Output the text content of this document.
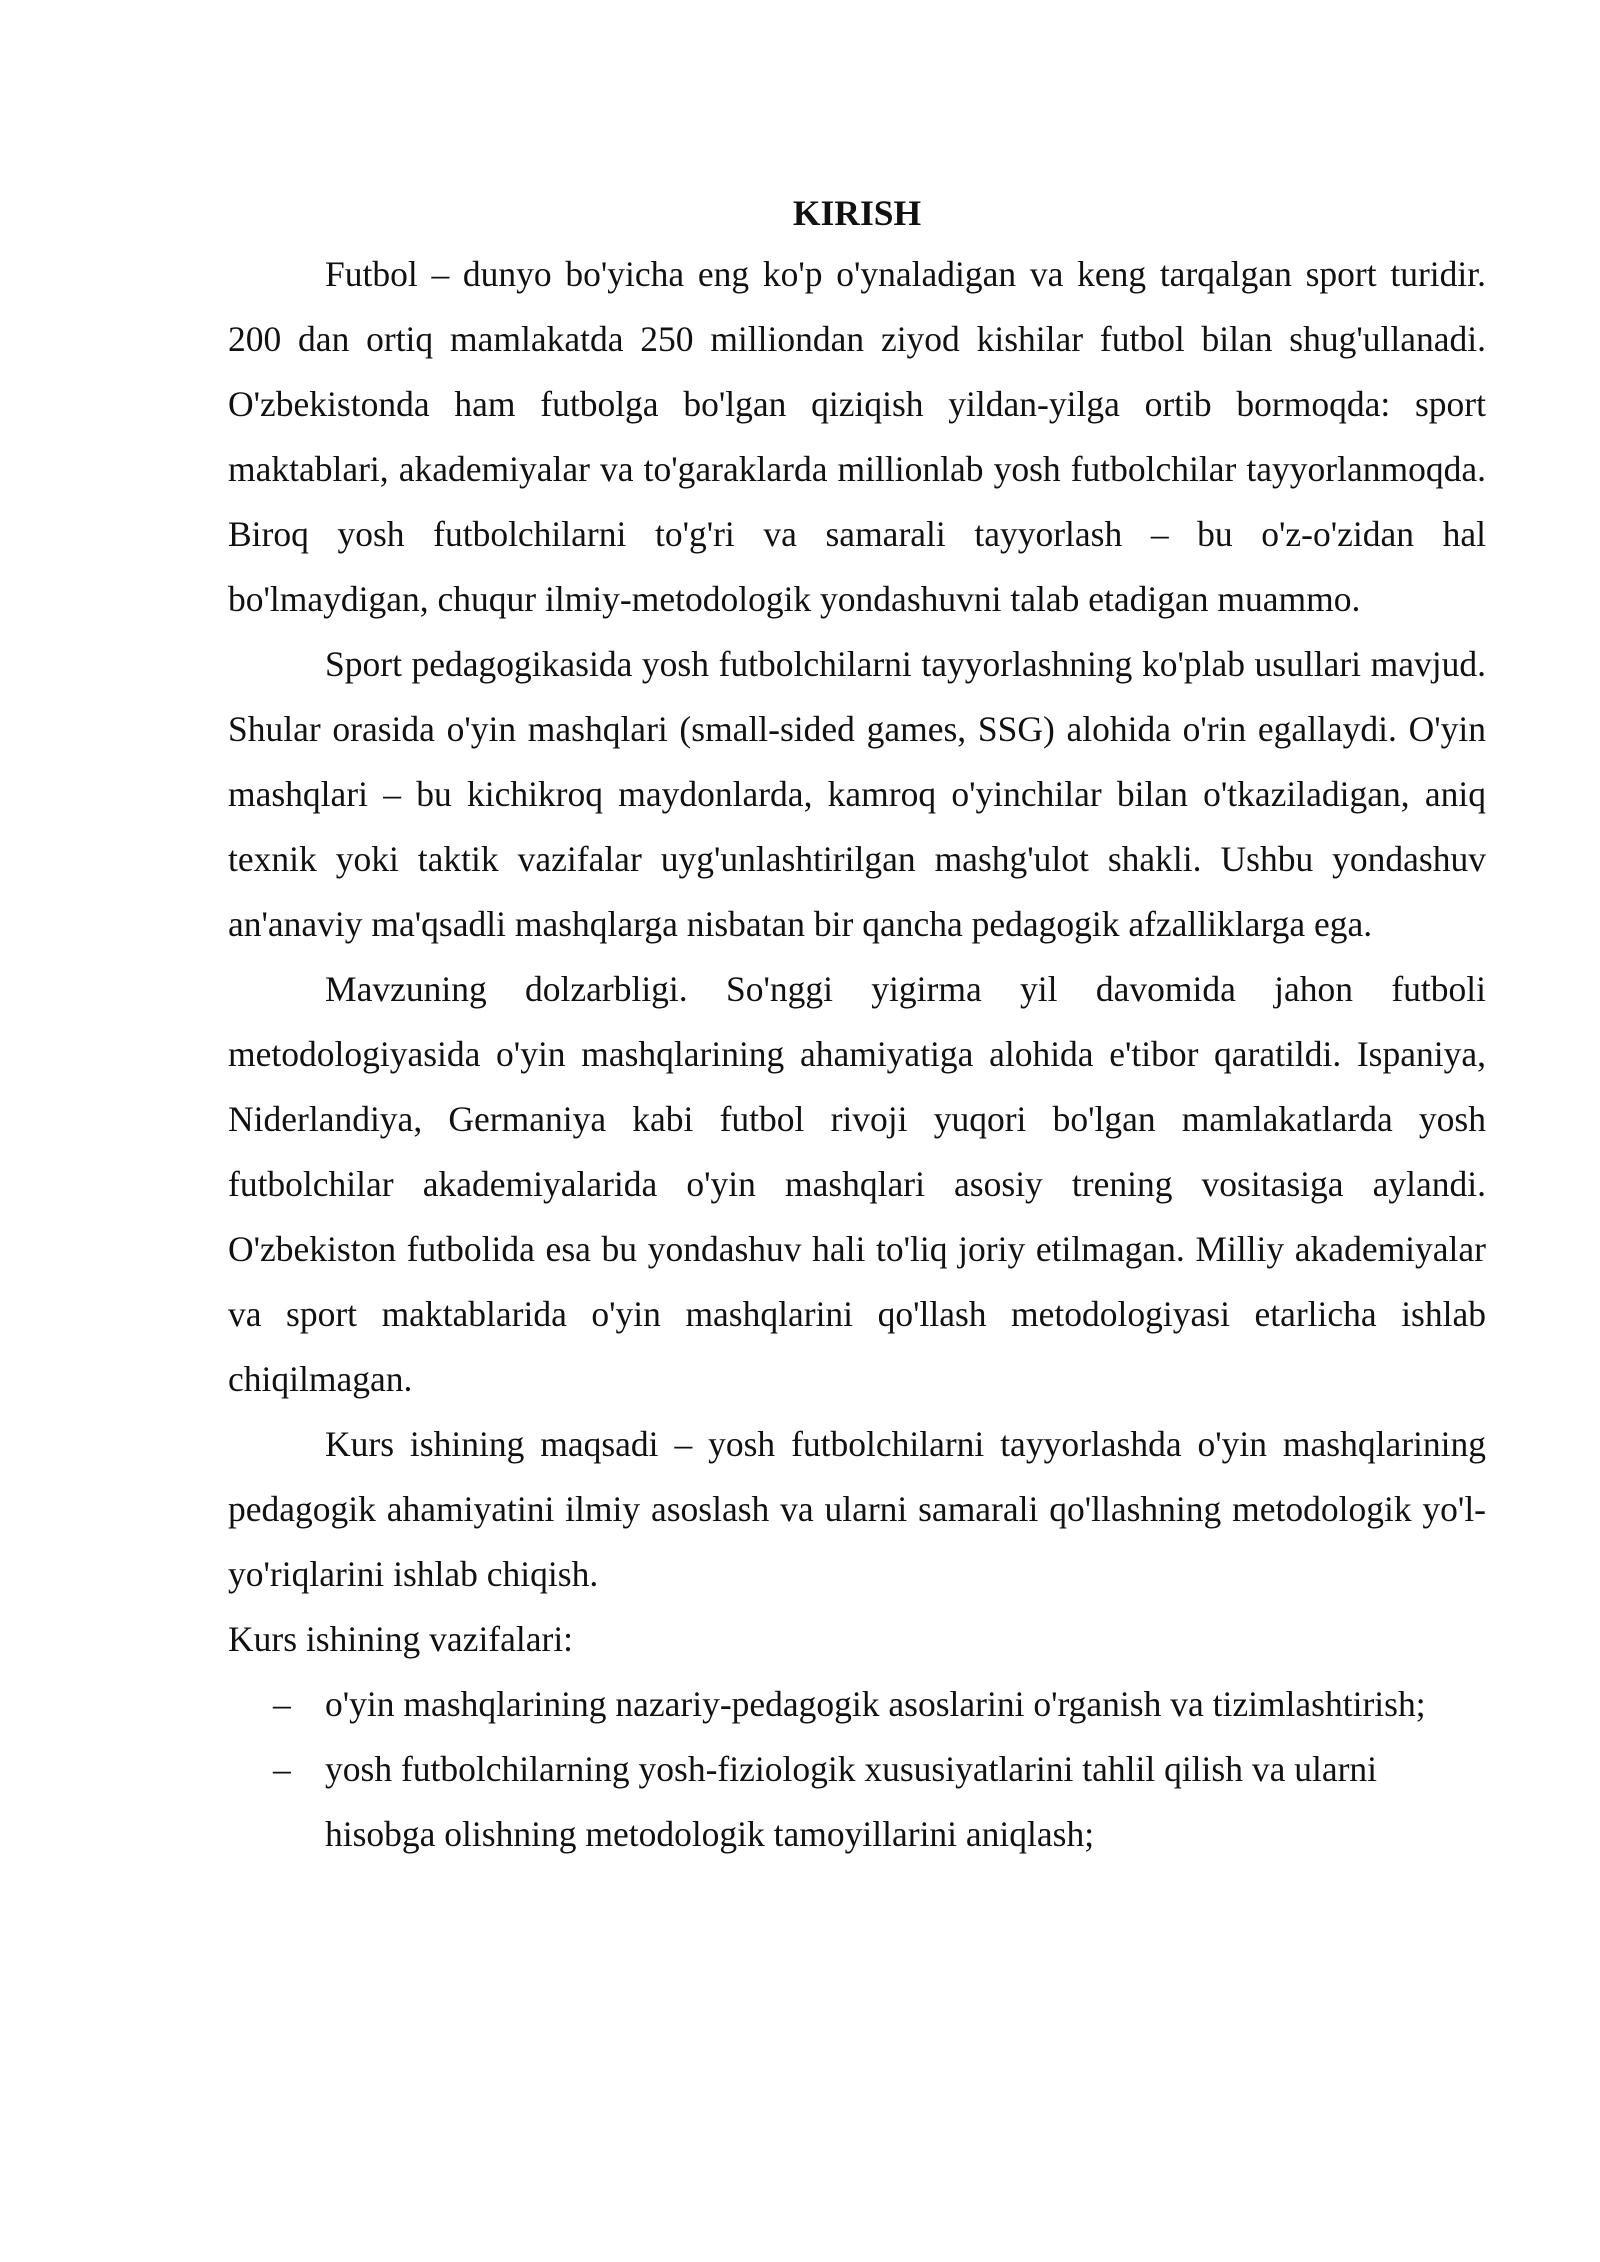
KIRISH

Futbol – dunyo bo'yicha eng ko'p o'ynaladigan va keng tarqalgan sport turidir. 200 dan ortiq mamlakatda 250 milliondan ziyod kishilar futbol bilan shug'ullanadi. O'zbekistonda ham futbolga bo'lgan qiziqish yildan-yilga ortib bormoqda: sport maktablari, akademiyalar va to'garaklarda millionlab yosh futbolchilar tayyorlanmoqda. Biroq yosh futbolchilarni to'g'ri va samarali tayyorlash – bu o'z-o'zidan hal bo'lmaydigan, chuqur ilmiy-metodologik yondashuvni talab etadigan muammo.

Sport pedagogikasida yosh futbolchilarni tayyorlashning ko'plab usullari mavjud. Shular orasida o'yin mashqlari (small-sided games, SSG) alohida o'rin egallaydi. O'yin mashqlari – bu kichikroq maydonlarda, kamroq o'yinchilar bilan o'tkaziladigan, aniq texnik yoki taktik vazifalar uyg'unlashtirilgan mashg'ulot shakli. Ushbu yondashuv an'anaviy ma'qsadli mashqlarga nisbatan bir qancha pedagogik afzalliklarga ega.

Mavzuning dolzarbligi. So'nggi yigirma yil davomida jahon futboli metodologiyasida o'yin mashqlarining ahamiyatiga alohida e'tibor qaratildi. Ispaniya, Niderlandiya, Germaniya kabi futbol rivoji yuqori bo'lgan mamlakatlarda yosh futbolchilar akademiyalarida o'yin mashqlari asosiy trening vositasiga aylandi. O'zbekiston futbolida esa bu yondashuv hali to'liq joriy etilmagan. Milliy akademiyalar va sport maktablarida o'yin mashqlarini qo'llash metodologiyasi etarlicha ishlab chiqilmagan.

Kurs ishining maqsadi – yosh futbolchilarni tayyorlashda o'yin mashqlarining pedagogik ahamiyatini ilmiy asoslash va ularni samarali qo'llashning metodologik yo'l-yo'riqlarini ishlab chiqish.

Kurs ishining vazifalari:

– o'yin mashqlarining nazariy-pedagogik asoslarini o'rganish va tizimlashtirish;
– yosh futbolchilarning yosh-fiziologik xususiyatlarini tahlil qilish va ularni hisobga olishning metodologik tamoyillarini aniqlash;
